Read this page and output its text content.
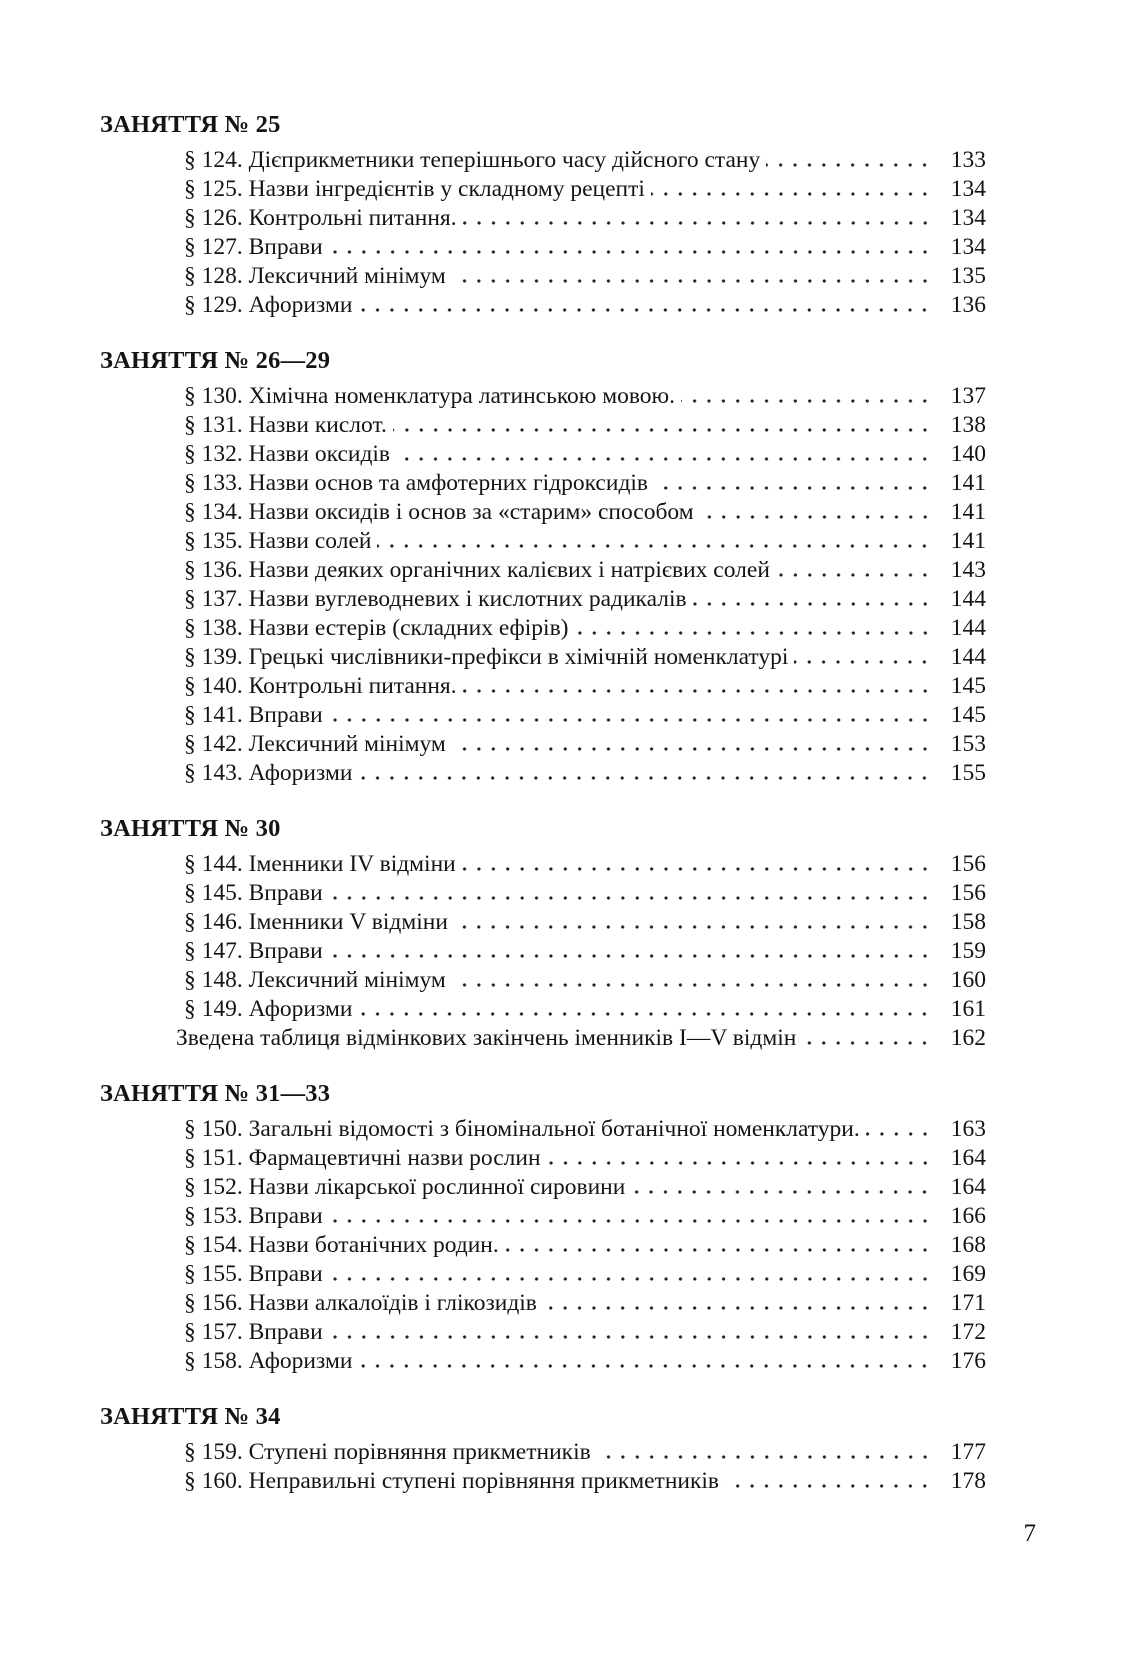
ЗАНЯТТЯ № 25
§ 124. Дієприкметники теперішнього часу дійсного стану	133
§ 125. Назви інгредієнтів у складному рецепті	134
§ 126. Контрольні питання.	134
§ 127. Вправи	134
§ 128. Лексичний мінімум	135
§ 129. Афоризми	136
ЗАНЯТТЯ № 26—29
§ 130. Хімічна номенклатура латинською мовою.	137
§ 131. Назви кислот.	138
§ 132. Назви оксидів	140
§ 133. Назви основ та амфотерних гідроксидів	141
§ 134. Назви оксидів і основ за «старим» способом	141
§ 135. Назви солей	141
§ 136. Назви деяких органічних калієвих і натрієвих солей	143
§ 137. Назви вуглеводневих і кислотних радикалів	144
§ 138. Назви естерів (складних ефірів)	144
§ 139. Грецькі числівники-префікси в хімічній номенклатурі	144
§ 140. Контрольні питання.	145
§ 141. Вправи	145
§ 142. Лексичний мінімум	153
§ 143. Афоризми	155
ЗАНЯТТЯ № 30
§ 144. Іменники IV відміни	156
§ 145. Вправи	156
§ 146. Іменники V відміни	158
§ 147. Вправи	159
§ 148. Лексичний мінімум	160
§ 149. Афоризми	161
Зведена таблиця відмінкових закінчень іменників I—V відмін	162
ЗАНЯТТЯ № 31—33
§ 150. Загальні відомості з біномінальної ботанічної номенклатури.	163
§ 151. Фармацевтичні назви рослин	164
§ 152. Назви лікарської рослинної сировини	164
§ 153. Вправи	166
§ 154. Назви ботанічних родин.	168
§ 155. Вправи	169
§ 156. Назви алкалоїдів і глікозидів	171
§ 157. Вправи	172
§ 158. Афоризми	176
ЗАНЯТТЯ № 34
§ 159. Ступені порівняння прикметників	177
§ 160. Неправильні ступені порівняння прикметників	178
7
